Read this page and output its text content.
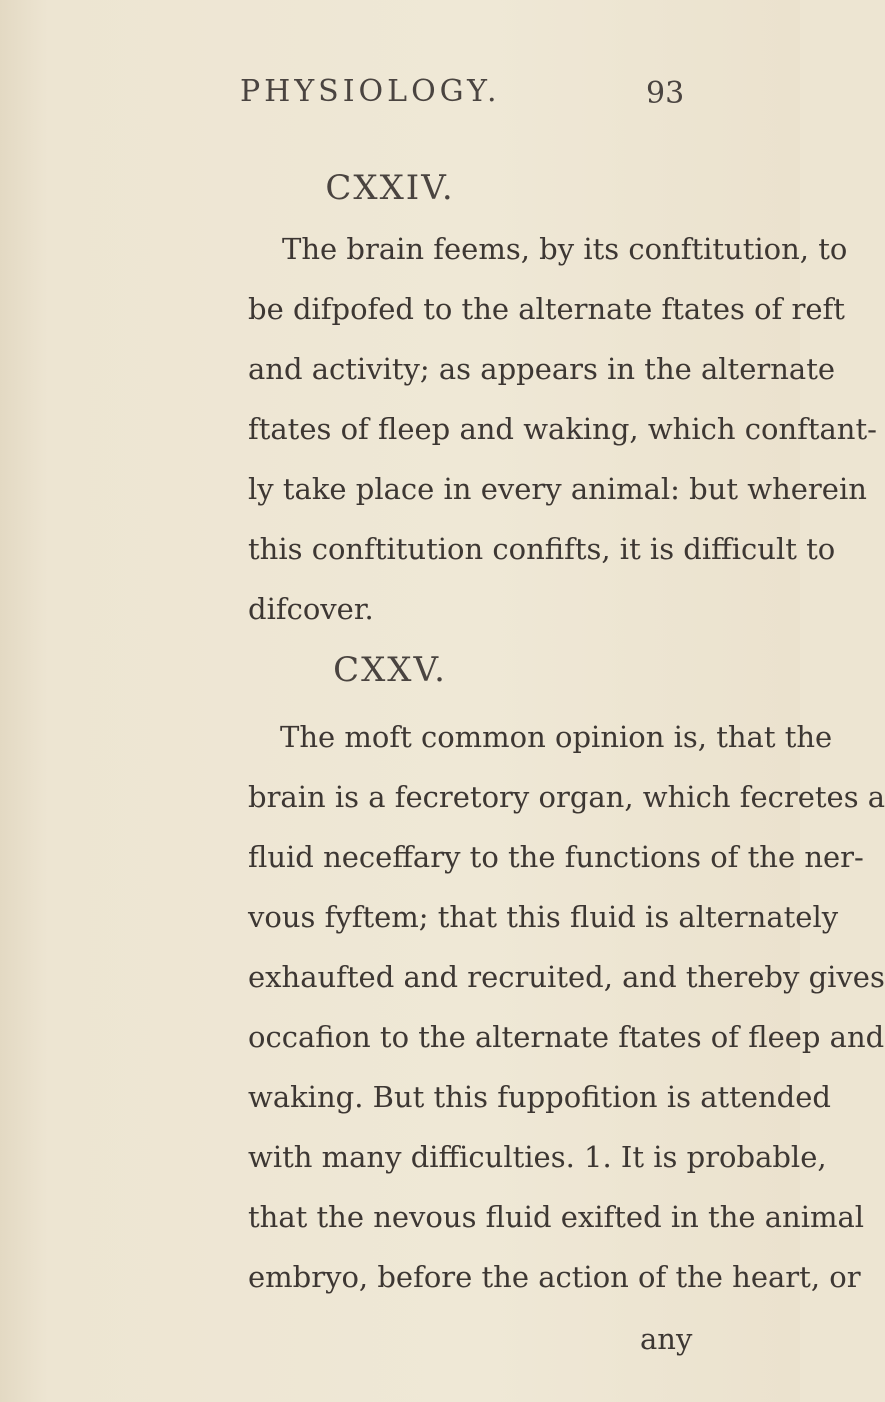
PHYSIOLOGY.	93
CXXIV.
The brain feems, by its conftitution, to
be difpofed to the alternate ftates of reft
and activity; as appears in the alternate
ftates of fleep and waking, which conftant-
ly take place in every animal: but wherein
this conftitution confifts, it is difficult to
difcover.
CXXV.
The moft common opinion is, that the
brain is a fecretory organ, which fecretes a
fluid neceffary to the functions of the ner-
vous fyftem; that this fluid is alternately
exhaufted and recruited, and thereby gives
occafion to the alternate ftates of fleep and
waking. But this fuppofition is attended
with many difficulties. 1. It is probable,
that the nevous fluid exifted in the animal
embryo, before the action of the heart, or
any
